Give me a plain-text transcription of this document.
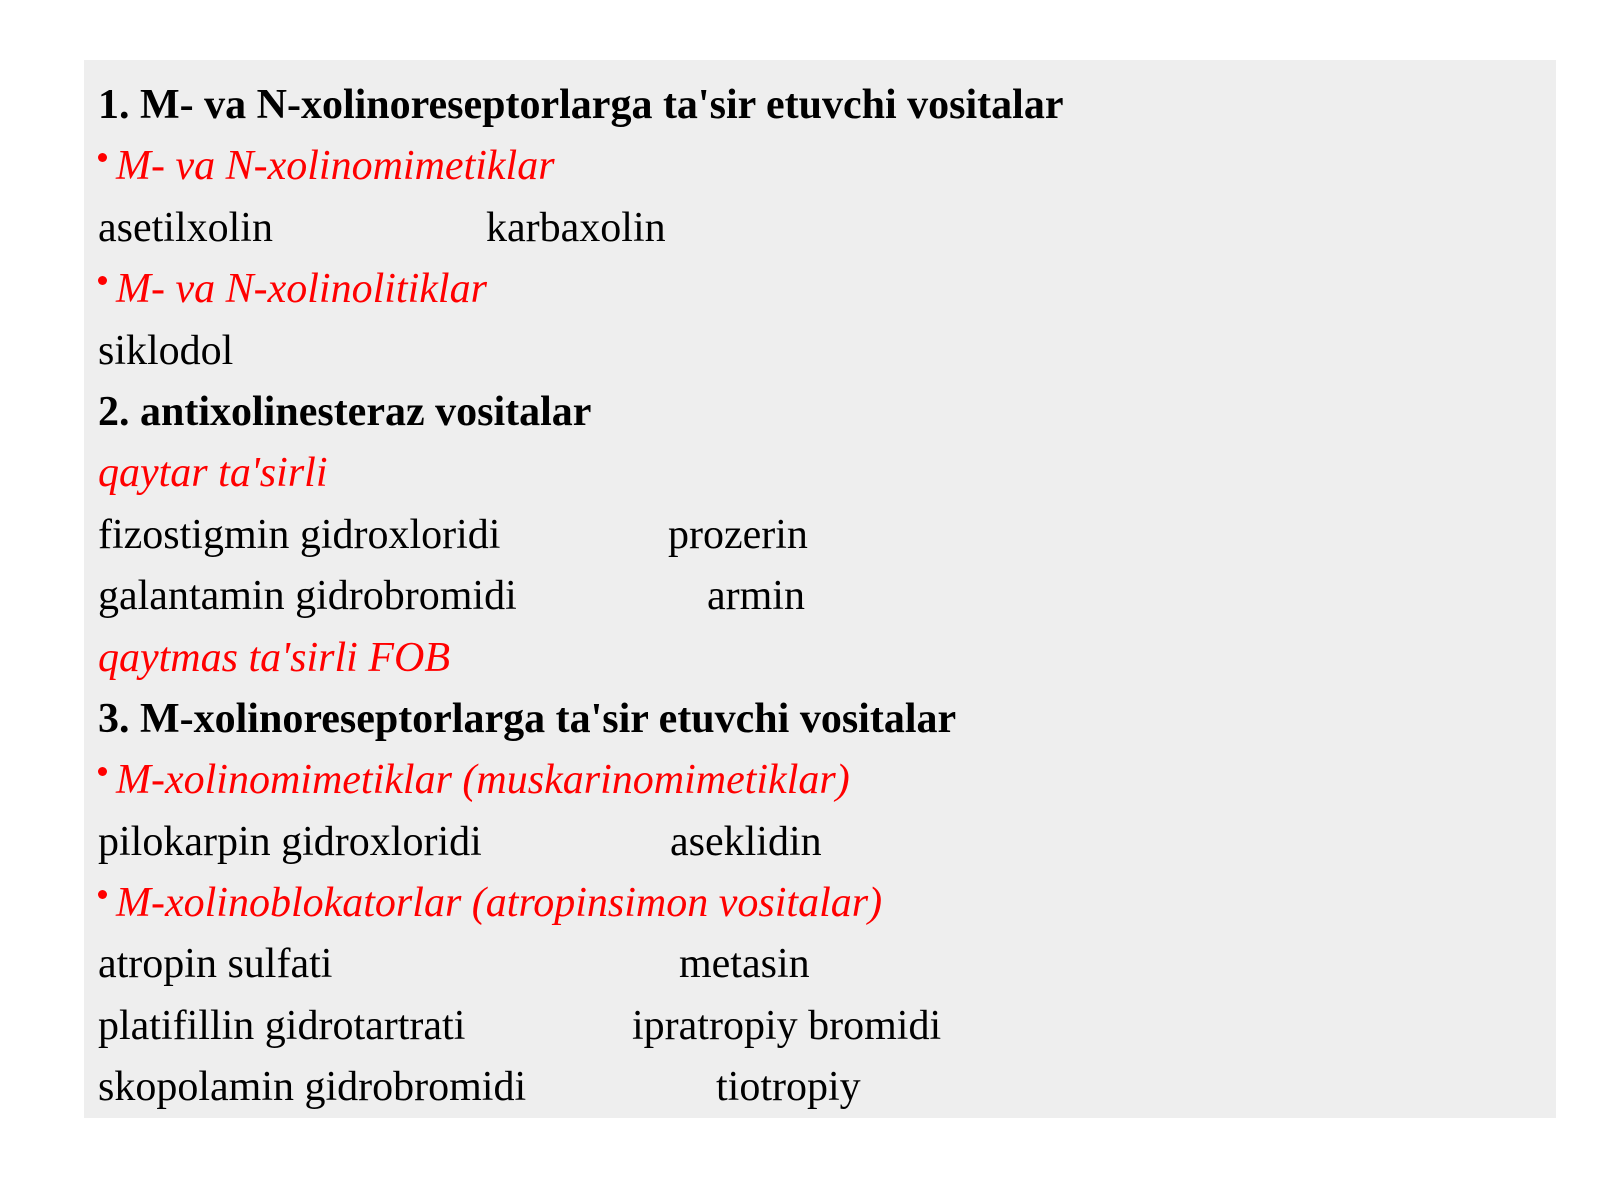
1. M- va N-xolinoreseptorlarga ta'sir etuvchi vositalar
M- va N-xolinomimetiklar
asetilxolin	karbaxolin
M- va N-xolinolitiklar
siklodol
2. antixolinesteraz vositalar
qaytar ta'sirli
fizostigmin gidroxloridi	prozerin
galantamin gidrobromidi	armin
qaytmas ta'sirli FOB
3. M-xolinoreseptorlarga ta'sir etuvchi vositalar
M-xolinomimetiklar (muskarinomimetiklar)
pilokarpin gidroxloridi	aseklidin
M-xolinoblokatorlar (atropinsimon vositalar)
atropin sulfati	metasin
platifillin gidrotartrati	ipratropiy bromidi
skopolamin gidrobromidi	tiotropiy
